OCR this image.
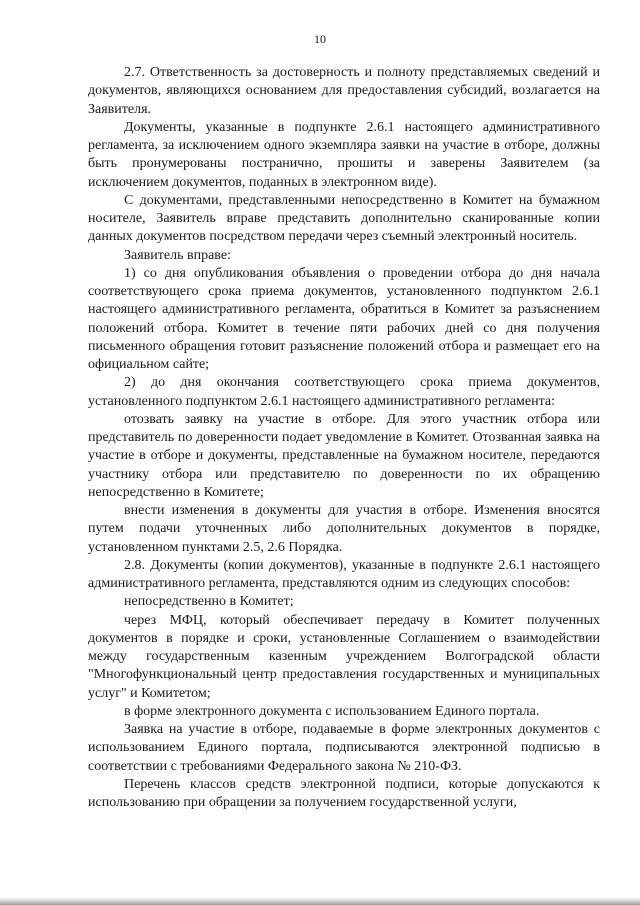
10

2.7. Ответственность за достоверность и полноту представляемых сведений и документов, являющихся основанием для предоставления субсидий, возлагается на Заявителя.

Документы, указанные в подпункте 2.6.1 настоящего административного регламента, за исключением одного экземпляра заявки на участие в отборе, должны быть пронумерованы постранично, прошиты и заверены Заявителем (за исключением документов, поданных в электронном виде).

С документами, представленными непосредственно в Комитет на бумажном носителе, Заявитель вправе представить дополнительно сканированные копии данных документов посредством передачи через съемный электронный носитель.

Заявитель вправе:

1) со дня опубликования объявления о проведении отбора до дня начала соответствующего срока приема документов, установленного подпунктом 2.6.1 настоящего административного регламента, обратиться в Комитет за разъяснением положений отбора. Комитет в течение пяти рабочих дней со дня получения письменного обращения готовит разъяснение положений отбора и размещает его на официальном сайте;

2) до дня окончания соответствующего срока приема документов, установленного подпунктом 2.6.1 настоящего административного регламента:

отозвать заявку на участие в отборе. Для этого участник отбора или представитель по доверенности подает уведомление в Комитет. Отозванная заявка на участие в отборе и документы, представленные на бумажном носителе, передаются участнику отбора или представителю по доверенности по их обращению непосредственно в Комитете;

внести изменения в документы для участия в отборе. Изменения вносятся путем подачи уточненных либо дополнительных документов в порядке, установленном пунктами 2.5, 2.6 Порядка.

2.8. Документы (копии документов), указанные в подпункте 2.6.1 настоящего административного регламента, представляются одним из следующих способов:

непосредственно в Комитет;

через МФЦ, который обеспечивает передачу в Комитет полученных документов в порядке и сроки, установленные Соглашением о взаимодействии между государственным казенным учреждением Волгоградской области "Многофункциональный центр предоставления государственных и муниципальных услуг" и Комитетом;

в форме электронного документа с использованием Единого портала.

Заявка на участие в отборе, подаваемые в форме электронных документов с использованием Единого портала, подписываются электронной подписью в соответствии с требованиями Федерального закона № 210-ФЗ.

Перечень классов средств электронной подписи, которые допускаются к использованию при обращении за получением государственной услуги,
